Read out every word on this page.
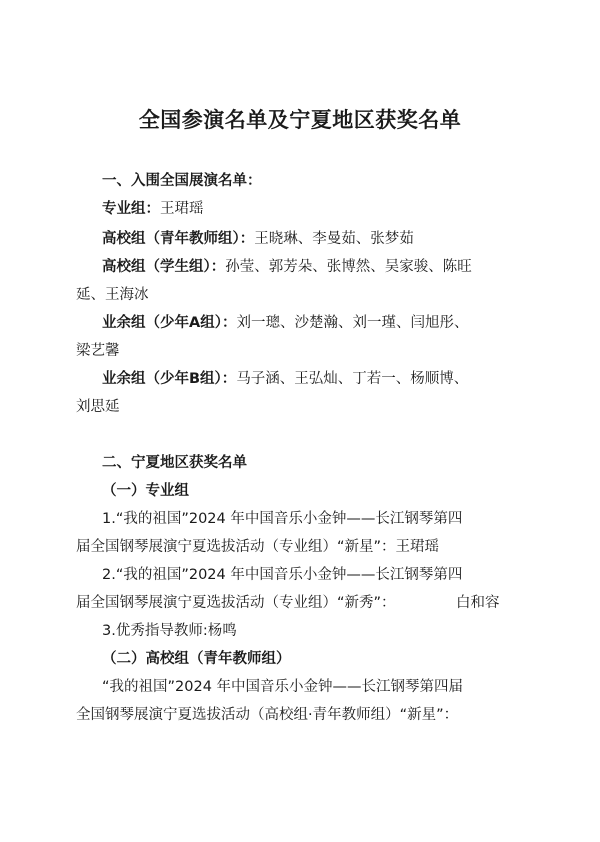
全国参演名单及宁夏地区获奖名单
一、入围全国展演名单：
专业组：王珺瑶
高校组（青年教师组）：王晓琳、李曼茹、张梦茹
高校组（学生组）：孙莹、郭芳朵、张博然、吴家骏、陈旺
延、王海冰
业余组（少年A组）：刘一璁、沙楚瀚、刘一瑾、闫旭彤、
梁艺馨
业余组（少年B组）：马子涵、王弘灿、丁若一、杨顺博、
刘思延
二、宁夏地区获奖名单
（一）专业组
1.“我的祖国”2024 年中国音乐小金钟——长江钢琴第四
届全国钢琴展演宁夏选拔活动（专业组）“新星”：王珺瑶
2.“我的祖国”2024 年中国音乐小金钟——长江钢琴第四
届全国钢琴展演宁夏选拔活动（专业组）“新秀”：	白和容
3.优秀指导教师:杨鸣
（二）高校组（青年教师组）
“我的祖国”2024 年中国音乐小金钟——长江钢琴第四届
全国钢琴展演宁夏选拔活动（高校组·青年教师组）“新星”：
